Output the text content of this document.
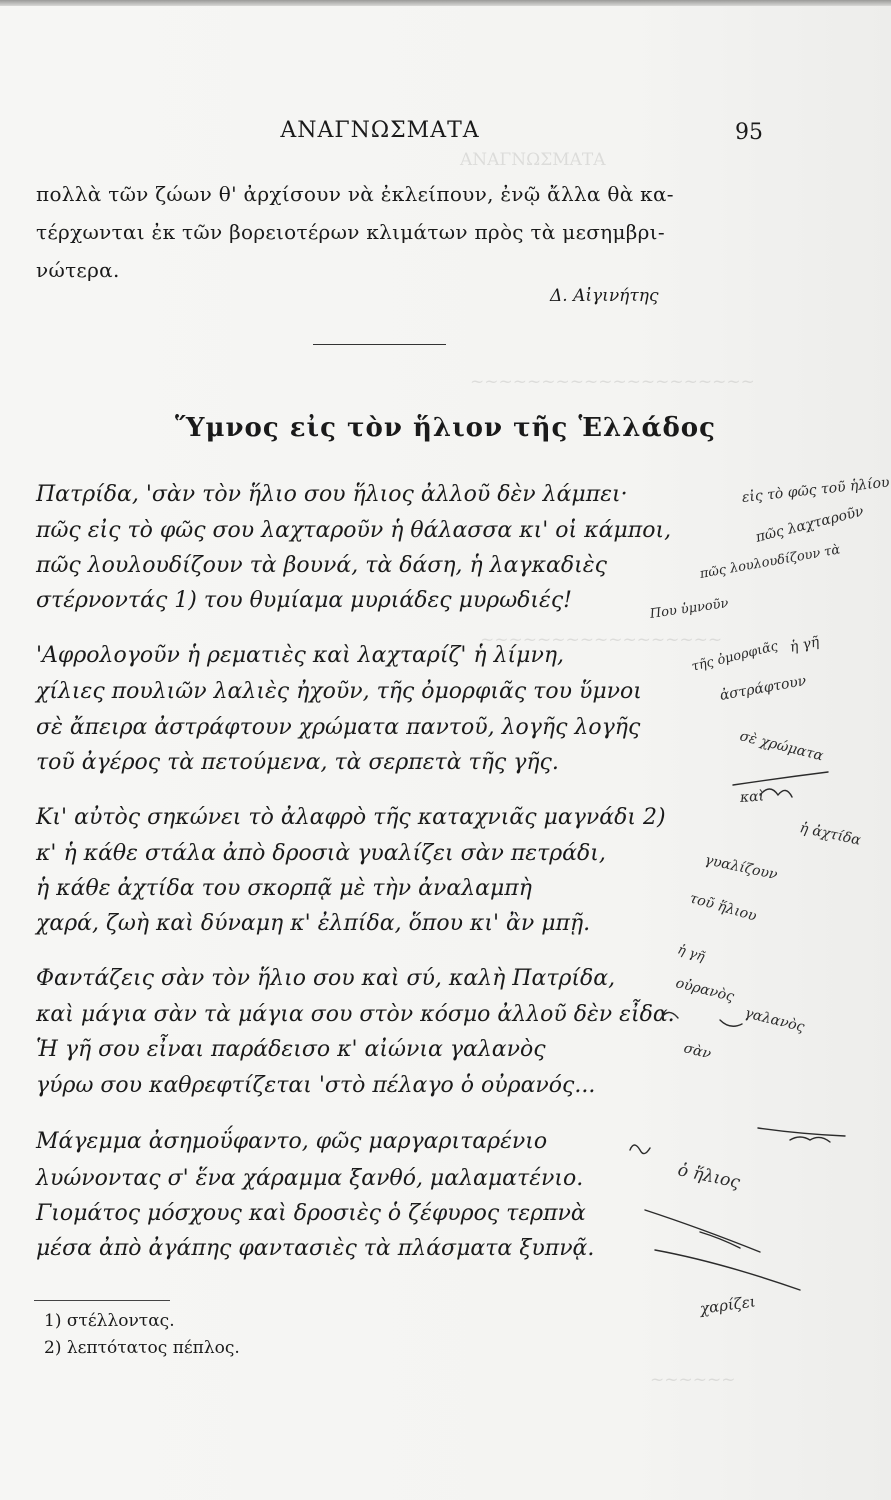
ΑΝΑΓΝΩΣΜΑΤΑ
~~~~~~~~~~~~~~~~~~~~
~~~~~~~~~~~~~~~~~
~~~~~~
ΑΝΑΓΝΩΣΜΑΤΑ	95
πολλὰ τῶν ζώων θ' ἀρχίσουν νὰ ἐκλείπουν, ἐνῷ ἄλλα θὰ κα-
τέρχωνται ἐκ τῶν βορειοτέρων κλιμάτων πρὸς τὰ μεσημβρι-
νώτερα.
Δ. Αἰγινήτης
Ὕμνος εἰς τὸν ἥλιον τῆς Ἑλλάδος
Πατρίδα, 'σὰν τὸν ἥλιο σου ἥλιος ἀλλοῦ δὲν λάμπει·
πῶς εἰς τὸ φῶς σου λαχταροῦν ἡ θάλασσα κι' οἱ κάμποι,
πῶς λουλουδίζουν τὰ βουνά, τὰ δάση, ἡ λαγκαδιὲς
στέρνοντάς 1) του θυμίαμα μυριάδες μυρωδιές!
'Αφρολογοῦν ἡ ρεματιὲς καὶ λαχταρίζ' ἡ λίμνη,
χίλιες πουλιῶν λαλιὲς ἠχοῦν, τῆς ὀμορφιᾶς του ὕμνοι
σὲ ἄπειρα ἀστράφτουν χρώματα παντοῦ, λογῆς λογῆς
τοῦ ἀγέρος τὰ πετούμενα, τὰ σερπετὰ τῆς γῆς.
Κι' αὐτὸς σηκώνει τὸ ἀλαφρὸ τῆς καταχνιᾶς μαγνάδι 2)
κ' ἡ κάθε στάλα ἀπὸ δροσιὰ γυαλίζει σὰν πετράδι,
ἡ κάθε ἀχτίδα του σκορπᾷ μὲ τὴν ἀναλαμπὴ
χαρά, ζωὴ καὶ δύναμη κ' ἐλπίδα, ὅπου κι' ἂν μπῇ.
Φαντάζεις σὰν τὸν ἥλιο σου καὶ σύ, καλὴ Πατρίδα,
καὶ μάγια σὰν τὰ μάγια σου στὸν κόσμο ἀλλοῦ δὲν εἶδα.
Ἡ γῆ σου εἶναι παράδεισο κ' αἰώνια γαλανὸς
γύρω σου καθρεφτίζεται 'στὸ πέλαγο ὁ οὐρανός...
Μάγεμμα ἀσημοΰφαντο, φῶς μαργαριταρένιο
λυώνοντας σ' ἕνα χάραμμα ξανθό, μαλαματένιο.
Γιομάτος μόσχους καὶ δροσιὲς ὁ ζέφυρος τερπνὰ
μέσα ἀπὸ ἀγάπης φαντασιὲς τὰ πλάσματα ξυπνᾷ.
1) στέλλοντας.
2) λεπτότατος πέπλος.
εἰς τὸ φῶς τοῦ ἡλίου
πῶς λαχταροῦν
πῶς λουλουδίζουν τὰ
Που ὑμνοῦν
ἡ γῆ
τῆς ὀμορφιᾶς
ἀστράφτουν
σὲ χρώματα
καὶ
ἡ ἀχτίδα
γυαλίζουν
τοῦ ἥλιου
ἡ γῆ
οὐρανὸς
γαλανὸς
σὰν
ὁ ἥλιος
χαρίζει
